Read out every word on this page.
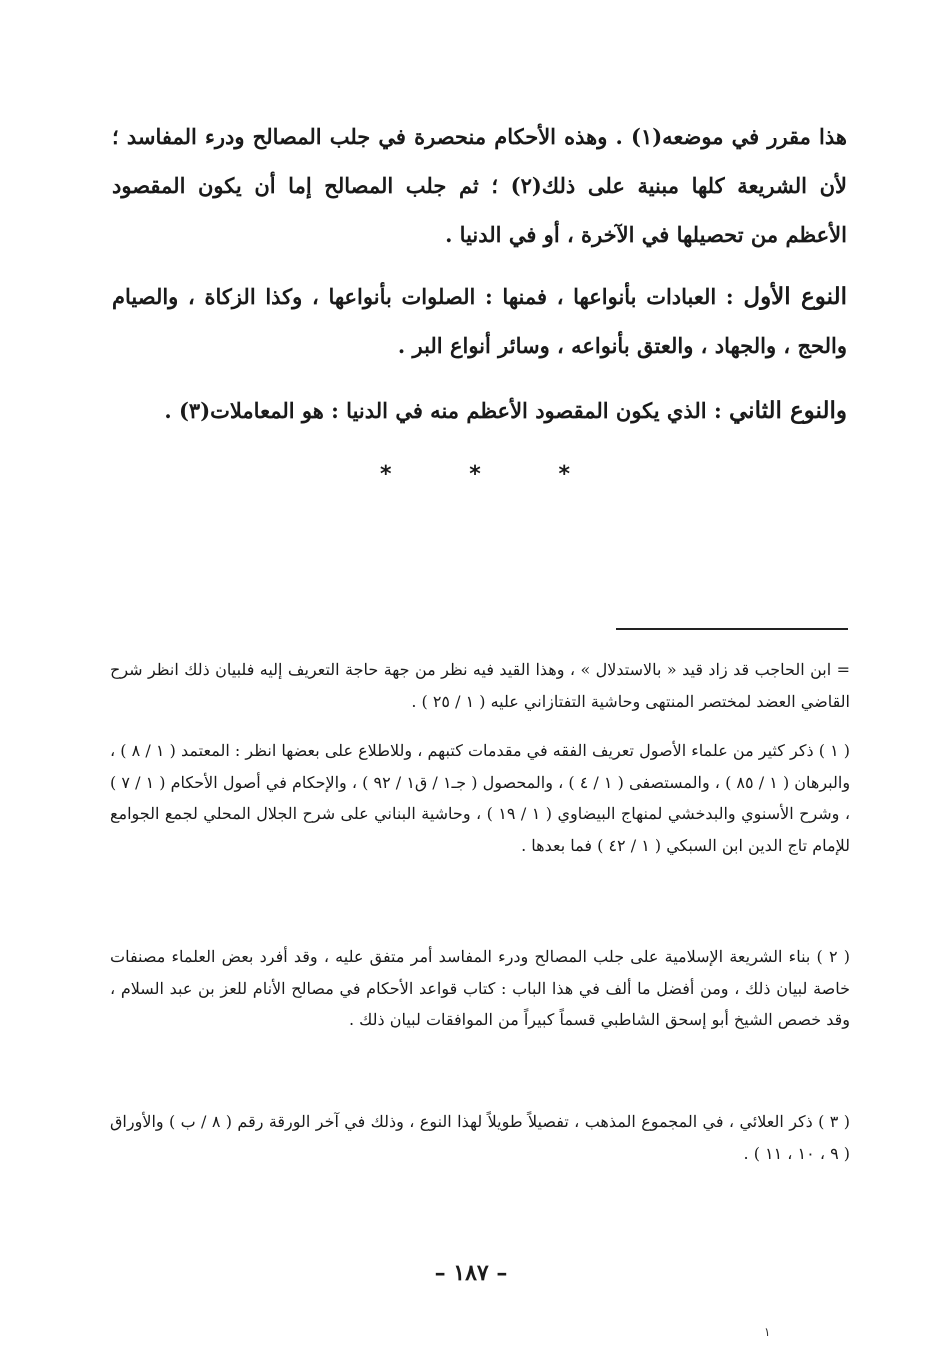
هذا مقرر في موضعه(١) . وهذه الأحكام منحصرة في جلب المصالح ودرء المفاسد ؛ لأن الشريعة كلها مبنية على ذلك(٢) ؛ ثم جلب المصالح إما أن يكون المقصود الأعظم من تحصيلها في الآخرة ، أو في الدنيا .
النوع الأول : العبادات بأنواعها ، فمنها : الصلوات بأنواعها ، وكذا الزكاة ، والصيام والحج ، والجهاد ، والعتق بأنواعه ، وسائر أنواع البر .
والنوع الثاني : الذي يكون المقصود الأعظم منه في الدنيا : هو المعاملات(٣) .
*	*	*
= ابن الحاجب قد زاد قيد « بالاستدلال » ، وهذا القيد فيه نظر من جهة حاجة التعريف إليه فلبيان ذلك انظر شرح القاضي العضد لمختصر المنتهى وحاشية التفتازاني عليه ( ١ / ٢٥ ) .
( ١ ) ذكر كثير من علماء الأصول تعريف الفقه في مقدمات كتبهم ، وللاطلاع على بعضها انظر : المعتمد ( ١ / ٨ ) ، والبرهان ( ١ / ٨٥ ) ، والمستصفى ( ١ / ٤ ) ، والمحصول ( جـ١ / ق١ / ٩٢ ) ، والإحكام في أصول الأحكام ( ١ / ٧ ) ، وشرح الأسنوي والبدخشي لمنهاج البيضاوي ( ١ / ١٩ ) ، وحاشية البناني على شرح الجلال المحلي لجمع الجوامع للإمام تاج الدين ابن السبكي ( ١ / ٤٢ ) فما بعدها .
( ٢ ) بناء الشريعة الإسلامية على جلب المصالح ودرء المفاسد أمر متفق عليه ، وقد أفرد بعض العلماء مصنفات خاصة لبيان ذلك ، ومن أفضل ما ألف في هذا الباب : كتاب قواعد الأحكام في مصالح الأنام للعز بن عبد السلام ، وقد خصص الشيخ أبو إسحق الشاطبي قسماً كبيراً من الموافقات لبيان ذلك .
( ٣ ) ذكر العلائي ، في المجموع المذهب ، تفصيلاً طويلاً لهذا النوع ، وذلك في آخر الورقة رقم ( ٨ / ب ) والأوراق ( ٩ ، ١٠ ، ١١ ) .
– ١٨٧ –
١
